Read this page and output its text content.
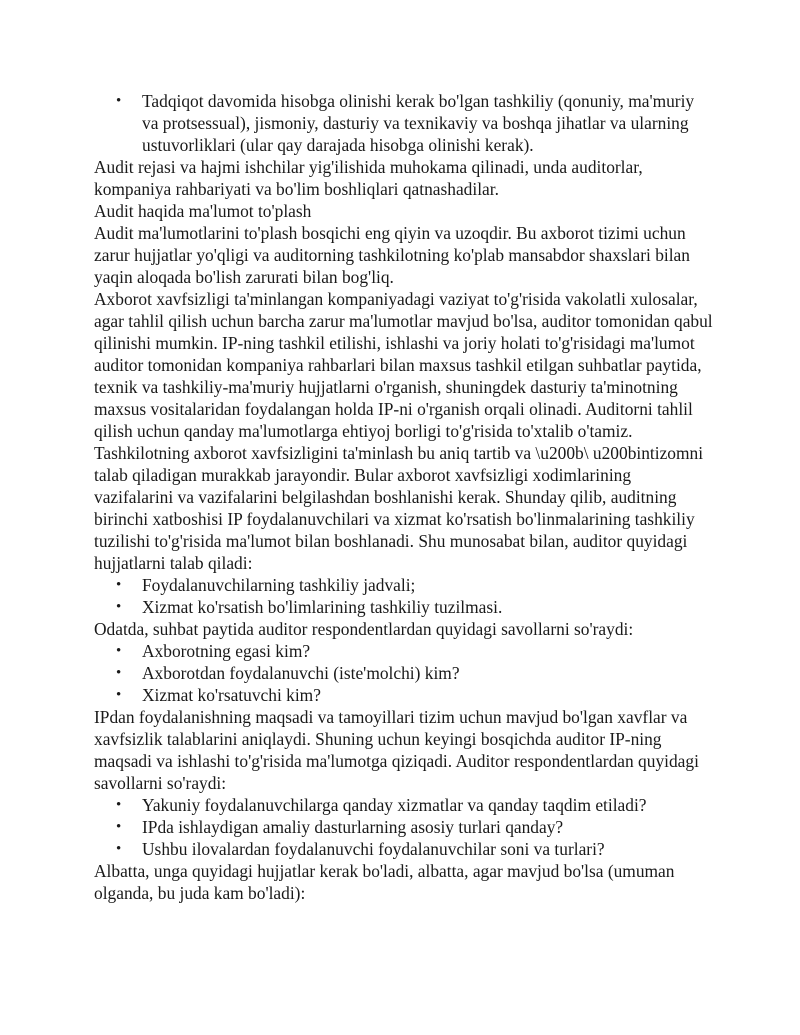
• Tadqiqot davomida hisobga olinishi kerak bo'lgan tashkiliy (qonuniy, ma'muriy va protsessual), jismoniy, dasturiy va texnikaviy va boshqa jihatlar va ularning ustuvorliklari (ular qay darajada hisobga olinishi kerak).

Audit rejasi va hajmi ishchilar yig'ilishida muhokama qilinadi, unda auditorlar, kompaniya rahbariyati va bo'lim boshliqlari qatnashadilar.

Audit haqida ma'lumot to'plash

Audit ma'lumotlarini to'plash bosqichi eng qiyin va uzoqdir. Bu axborot tizimi uchun zarur hujjatlar yo'qligi va auditorning tashkilotning ko'plab mansabdor shaxslari bilan yaqin aloqada bo'lish zarurati bilan bog'liq.

Axborot xavfsizligi ta'minlangan kompaniyadagi vaziyat to'g'risida vakolatli xulosalar, agar tahlil qilish uchun barcha zarur ma'lumotlar mavjud bo'lsa, auditor tomonidan qabul qilinishi mumkin. IP-ning tashkil etilishi, ishlashi va joriy holati to'g'risidagi ma'lumot auditor tomonidan kompaniya rahbarlari bilan maxsus tashkil etilgan suhbatlar paytida, texnik va tashkiliy-ma'muriy hujjatlarni o'rganish, shuningdek dasturiy ta'minotning maxsus vositalaridan foydalangan holda IP-ni o'rganish orqali olinadi. Auditorni tahlil qilish uchun qanday ma'lumotlarga ehtiyoj borligi to'g'risida to'xtalib o'tamiz.

Tashkilotning axborot xavfsizligini ta'minlash bu aniq tartib va \u200b\ u200bintizomni talab qiladigan murakkab jarayondir. Bular axborot xavfsizligi xodimlarining vazifalarini va vazifalarini belgilashdan boshlanishi kerak. Shunday qilib, auditning birinchi xatboshisi IP foydalanuvchilari va xizmat ko'rsatish bo'linmalarining tashkiliy tuzilishi to'g'risida ma'lumot bilan boshlanadi. Shu munosabat bilan, auditor quyidagi hujjatlarni talab qiladi:

• Foydalanuvchilarning tashkiliy jadvali;
• Xizmat ko'rsatish bo'limlarining tashkiliy tuzilmasi.

Odatda, suhbat paytida auditor respondentlardan quyidagi savollarni so'raydi:

• Axborotning egasi kim?
• Axborotdan foydalanuvchi (iste'molchi) kim?
• Xizmat ko'rsatuvchi kim?

IPdan foydalanishning maqsadi va tamoyillari tizim uchun mavjud bo'lgan xavflar va xavfsizlik talablarini aniqlaydi. Shuning uchun keyingi bosqichda auditor IP-ning maqsadi va ishlashi to'g'risida ma'lumotga qiziqadi. Auditor respondentlardan quyidagi savollarni so'raydi:

• Yakuniy foydalanuvchilarga qanday xizmatlar va qanday taqdim etiladi?
• IPda ishlaydigan amaliy dasturlarning asosiy turlari qanday?
• Ushbu ilovalardan foydalanuvchi foydalanuvchilar soni va turlari?

Albatta, unga quyidagi hujjatlar kerak bo'ladi, albatta, agar mavjud bo'lsa (umuman olganda, bu juda kam bo'ladi):
